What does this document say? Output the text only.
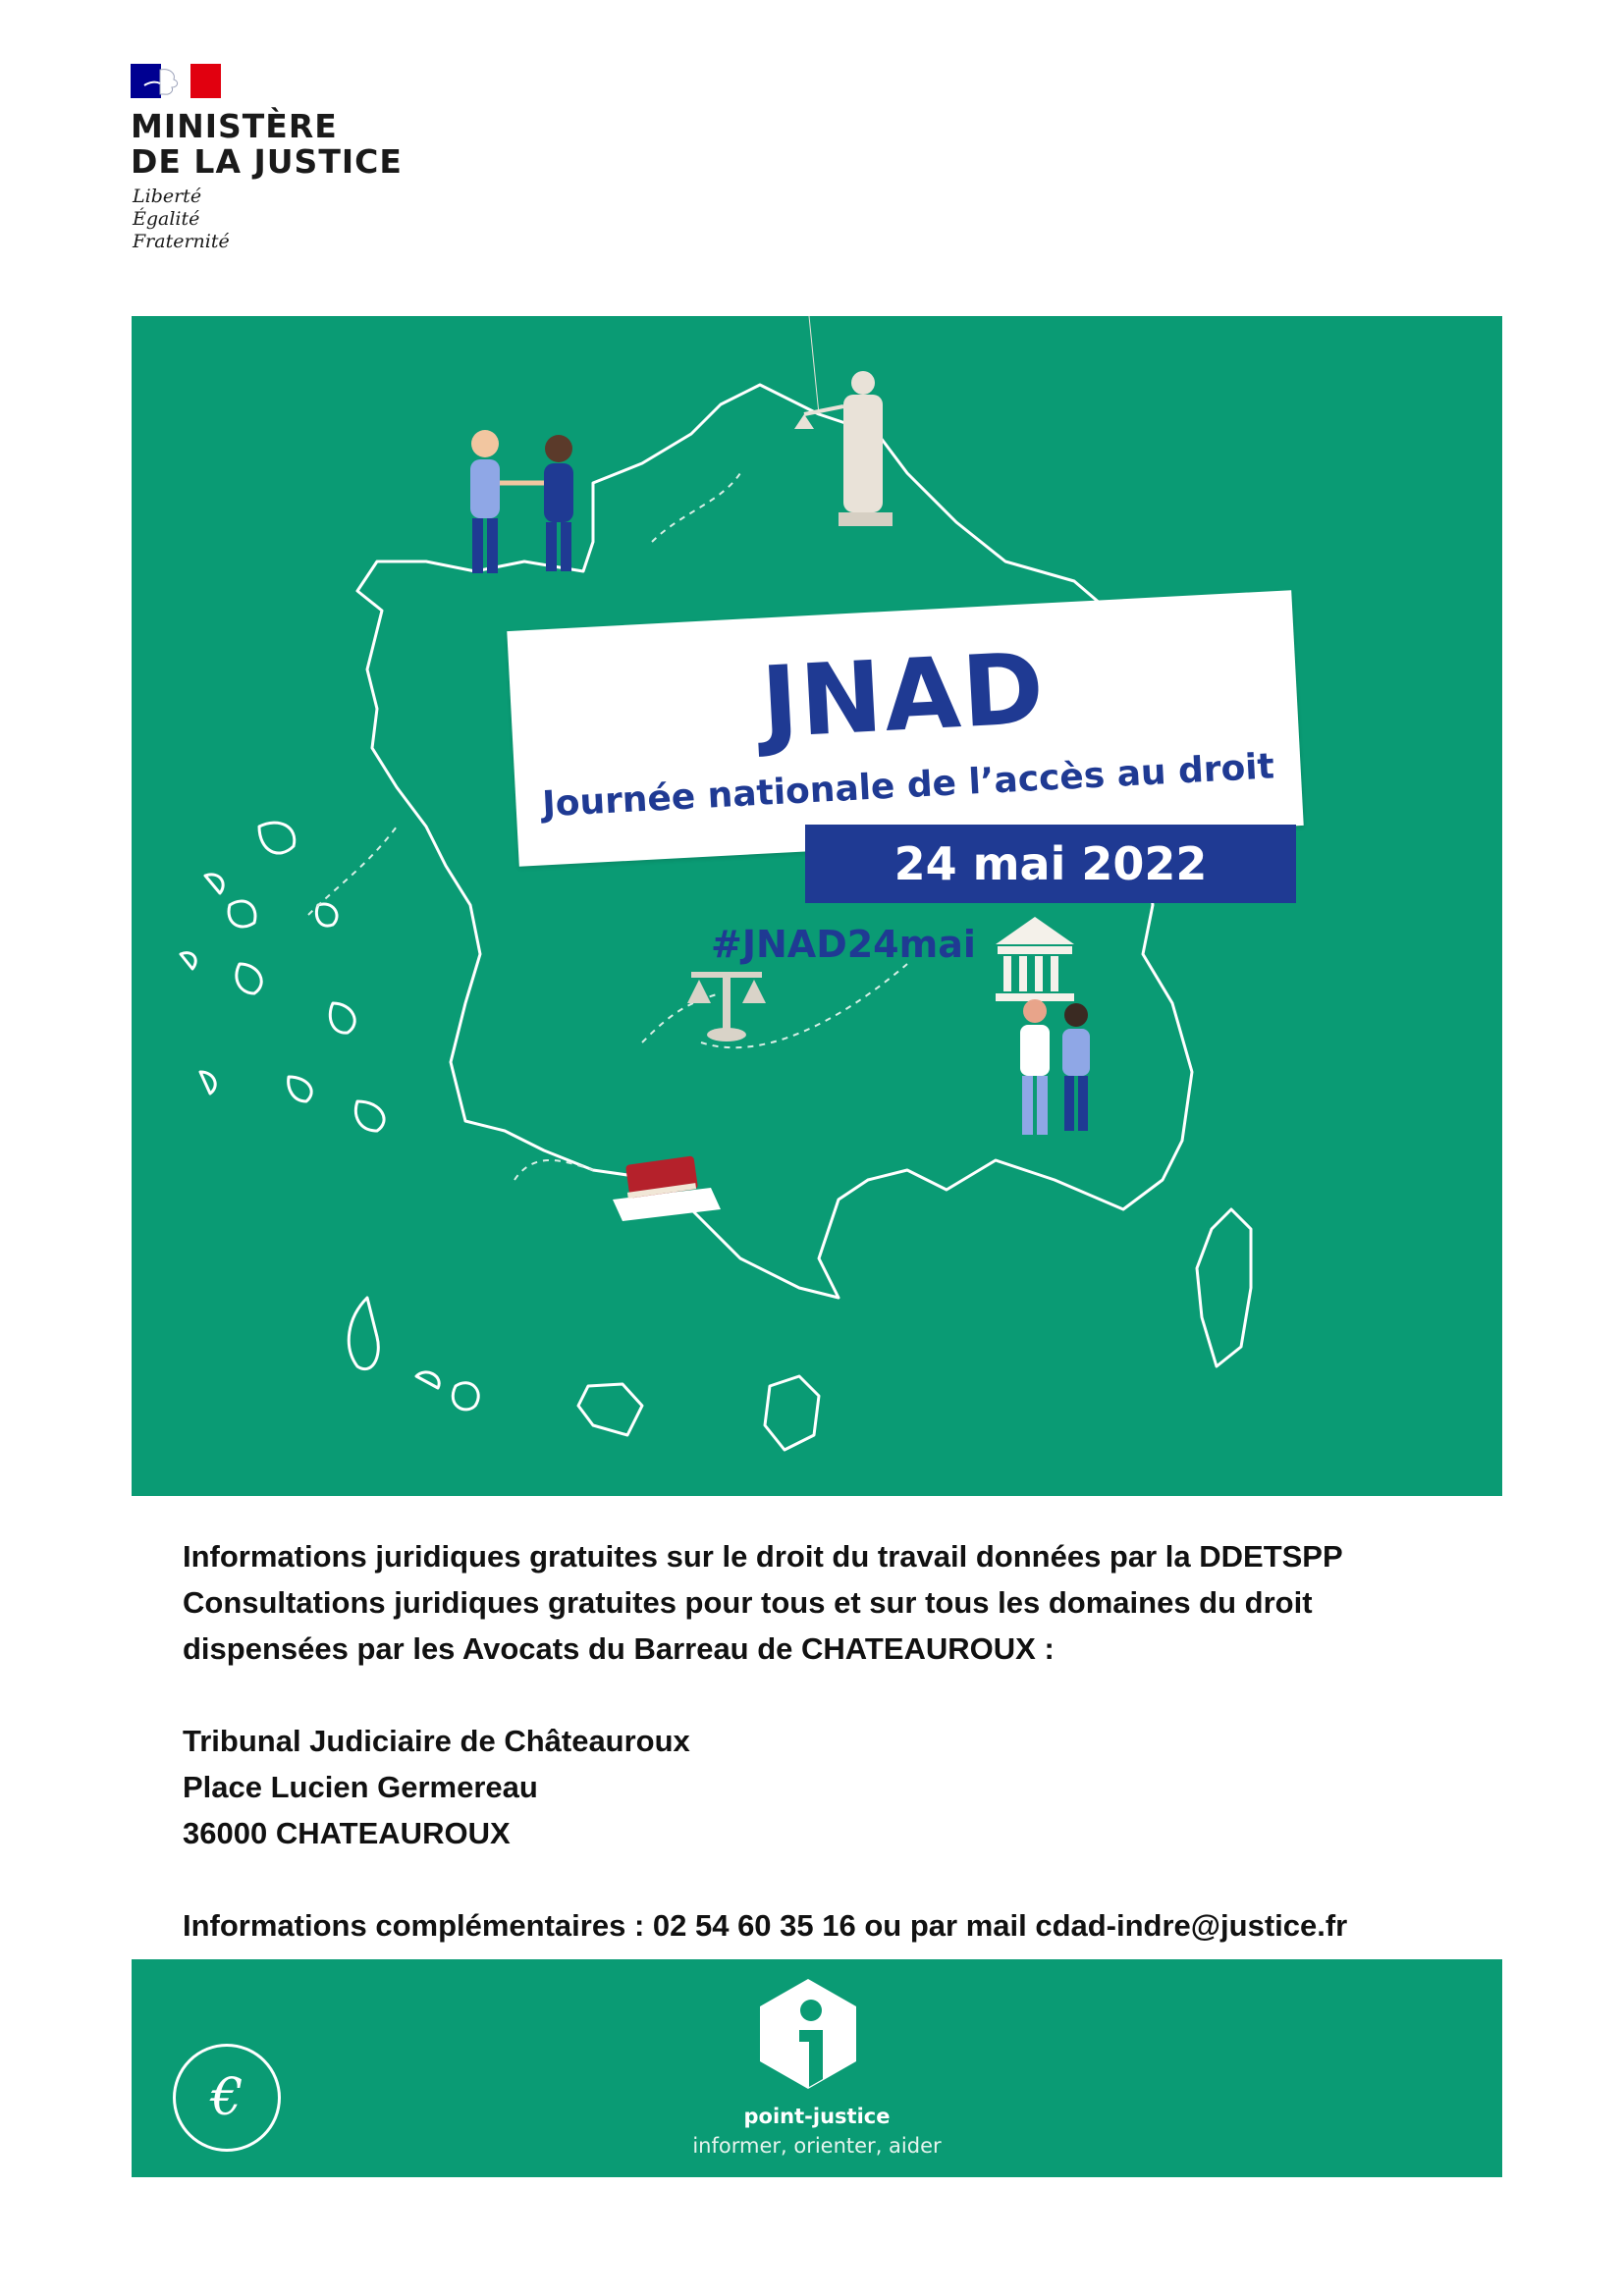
MINISTÈRE
DE LA JUSTICE
Liberté
Égalité
Fraternité
JNAD
Journée nationale de l’accès au droit
24 mai 2022
#JNAD24mai

Informations juridiques gratuites sur le droit du travail données par la DDETSPP

Consultations juridiques gratuites pour tous et sur tous les domaines du droit

dispensées par les Avocats du Barreau de CHATEAUROUX :

Tribunal Judiciaire de Châteauroux

Place Lucien Germereau

36000 CHATEAUROUX

Informations complémentaires : 02 54 60 35 16 ou par mail cdad-indre@justice.fr

€	point-justice
informer, orienter, aider
